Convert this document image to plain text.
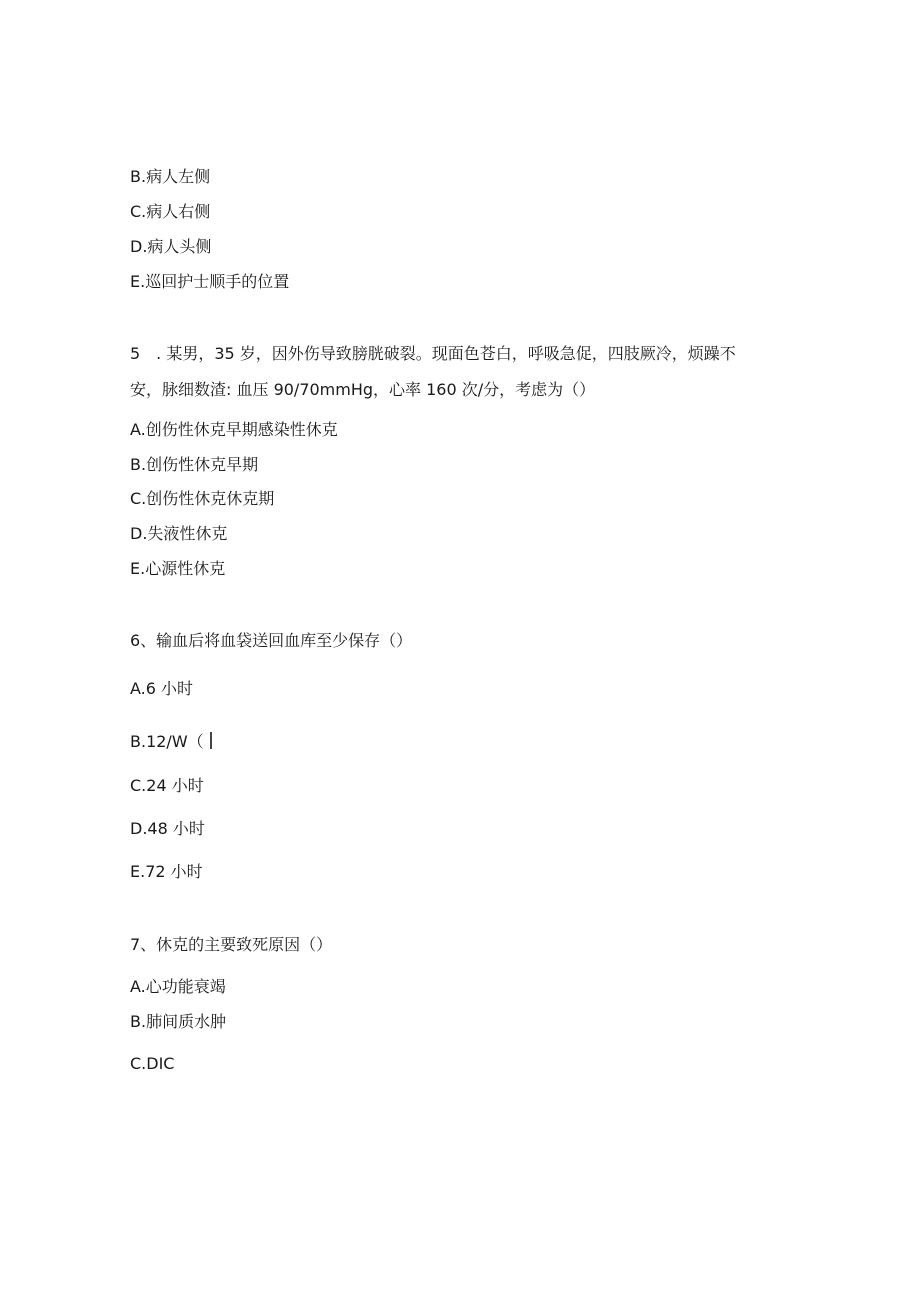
B.病人左侧
C.病人右侧
D.病人头侧
E.巡回护士顺手的位置
5　. 某男，35 岁，因外伤导致膀胱破裂。现面色苍白，呼吸急促，四肢厥冷，烦躁不
安，脉细数渣: 血压 90/70mmHg，心率 160 次/分，考虑为（）
A.创伤性休克早期感染性休克
B.创伤性休克早期
C.创伤性休克休克期
D.失液性休克
E.心源性休克
6、输血后将血袋送回血库至少保存（）
A.6 小时
B.12/W（
C.24 小时
D.48 小时
E.72 小时
7、休克的主要致死原因（）
A.心功能衰竭
B.肺间质水肿
C.DIC
